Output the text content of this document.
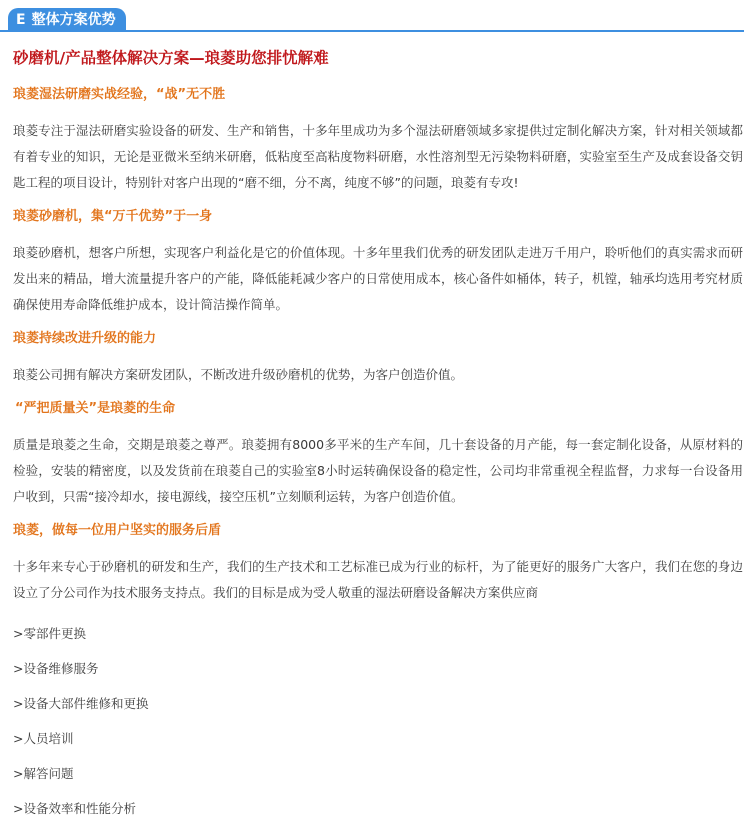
E 整体方案优势
砂磨机/产品整体解决方案—琅菱助您排忧解难
琅菱湿法研磨实战经验，“战”无不胜
琅菱专注于湿法研磨实验设备的研发、生产和销售，十多年里成功为多个湿法研磨领域多家提供过定制化解决方案，针对相关领域都有着专业的知识，无论是亚微米至纳米研磨，低粘度至高粘度物料研磨，水性溶剂型无污染物料研磨，实验室至生产及成套设备交钥匙工程的项目设计，特别针对客户出现的“磨不细，分不离，纯度不够”的问题，琅菱有专攻!
琅菱砂磨机，集“万千优势”于一身
琅菱砂磨机，想客户所想，实现客户利益化是它的价值体现。十多年里我们优秀的研发团队走进万千用户，聆听他们的真实需求而研发出来的精品，增大流量提升客户的产能，降低能耗减少客户的日常使用成本，核心备件如桶体，转子，机镗，轴承均选用考究材质确保使用寿命降低维护成本，设计简洁操作简单。
琅菱持续改进升级的能力
琅菱公司拥有解决方案研发团队，不断改进升级砂磨机的优势，为客户创造价值。
“严把质量关”是琅菱的生命
质量是琅菱之生命，交期是琅菱之尊严。琅菱拥有8000多平米的生产车间，几十套设备的月产能，每一套定制化设备，从原材料的检验，安装的精密度，以及发货前在琅菱自己的实验室8小时运转确保设备的稳定性，公司均非常重视全程监督，力求每一台设备用户收到，只需“接冷却水，接电源线，接空压机”立刻顺利运转，为客户创造价值。
琅菱，做每一位用户坚实的服务后盾
十多年来专心于砂磨机的研发和生产，我们的生产技术和工艺标准已成为行业的标杆，为了能更好的服务广大客户，我们在您的身边设立了分公司作为技术服务支持点。我们的目标是成为受人敬重的湿法研磨设备解决方案供应商
>零部件更换
>设备维修服务
>设备大部件维修和更换
>人员培训
>解答问题
>设备效率和性能分析
